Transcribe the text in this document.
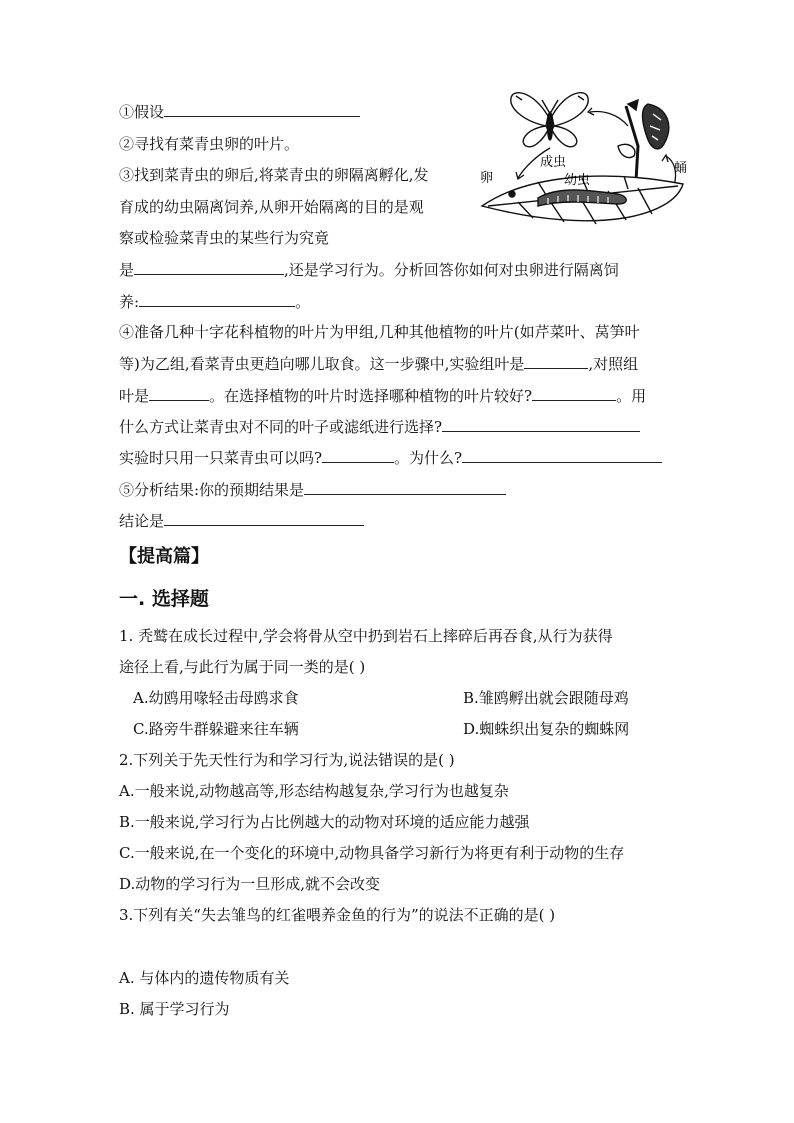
①假设
②寻找有菜青虫卵的叶片。
③找到菜青虫的卵后,将菜青虫的卵隔离孵化,发
育成的幼虫隔离饲养,从卵开始隔离的目的是观
察或检验菜青虫的某些行为究竟
是	,还是学习行为。分析回答你如何对虫卵进行隔离饲
养:	。
④准备几种十字花科植物的叶片为甲组,几种其他植物的叶片(如芹菜叶、莴笋叶
等)为乙组,看菜青虫更趋向哪儿取食。这一步骤中,实验组叶是	,对照组
叶是	。在选择植物的叶片时选择哪种植物的叶片较好?	。用
什么方式让菜青虫对不同的叶子或滤纸进行选择?
实验时只用一只菜青虫可以吗?	。为什么?
⑤分析结果:你的预期结果是
结论是
成虫
幼虫
卵
蛹
【提高篇】
一. 选择题
1. 秃鹫在成长过程中,学会将骨从空中扔到岩石上摔碎后再吞食,从行为获得
途径上看,与此行为属于同一类的是( )
A.幼鸥用喙轻击母鸥求食	B.雏鸥孵出就会跟随母鸡
C.路旁牛群躲避来往车辆	D.蜘蛛织出复杂的蜘蛛网
2.下列关于先天性行为和学习行为,说法错误的是( )
A.一般来说,动物越高等,形态结构越复杂,学习行为也越复杂
B.一般来说,学习行为占比例越大的动物对环境的适应能力越强
C.一般来说,在一个变化的环境中,动物具备学习新行为将更有利于动物的生存
D.动物的学习行为一旦形成,就不会改变
3.下列有关“失去雏鸟的红雀喂养金鱼的行为”的说法不正确的是( )
A. 与体内的遗传物质有关
B. 属于学习行为
